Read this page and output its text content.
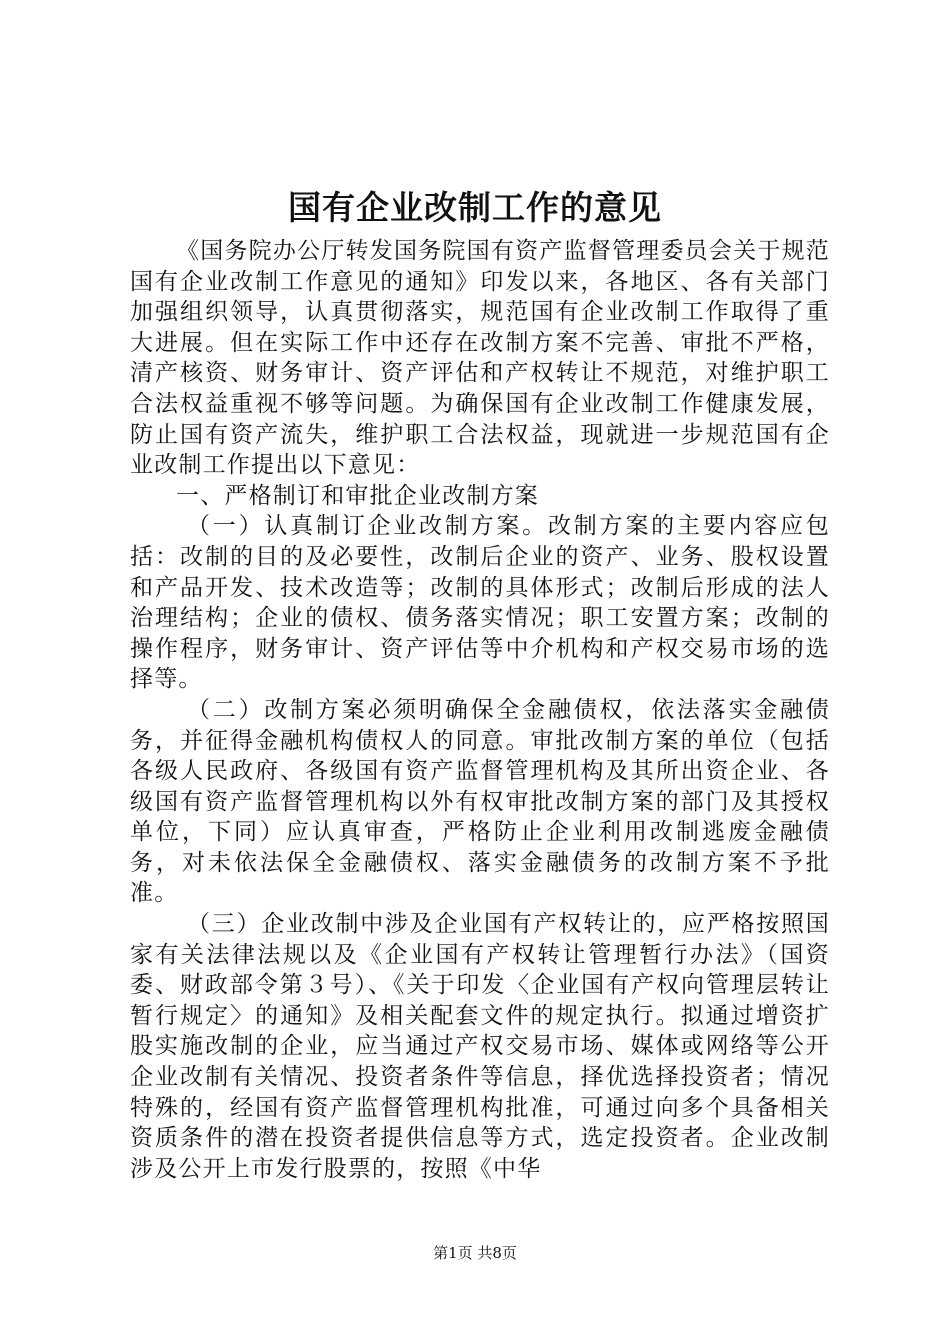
国有企业改制工作的意见

《国务院办公厅转发国务院国有资产监督管理委员会关于规范国有企业改制工作意见的通知》印发以来，各地区、各有关部门加强组织领导，认真贯彻落实，规范国有企业改制工作取得了重大进展。但在实际工作中还存在改制方案不完善、审批不严格，清产核资、财务审计、资产评估和产权转让不规范，对维护职工合法权益重视不够等问题。为确保国有企业改制工作健康发展，防止国有资产流失，维护职工合法权益，现就进一步规范国有企业改制工作提出以下意见：

一、严格制订和审批企业改制方案

（一）认真制订企业改制方案。改制方案的主要内容应包括：改制的目的及必要性，改制后企业的资产、业务、股权设置和产品开发、技术改造等；改制的具体形式；改制后形成的法人治理结构；企业的债权、债务落实情况；职工安置方案；改制的操作程序，财务审计、资产评估等中介机构和产权交易市场的选择等。

（二）改制方案必须明确保全金融债权，依法落实金融债务，并征得金融机构债权人的同意。审批改制方案的单位（包括各级人民政府、各级国有资产监督管理机构及其所出资企业、各级国有资产监督管理机构以外有权审批改制方案的部门及其授权单位，下同）应认真审查，严格防止企业利用改制逃废金融债务，对未依法保全金融债权、落实金融债务的改制方案不予批准。

（三）企业改制中涉及企业国有产权转让的，应严格按照国家有关法律法规以及《企业国有产权转让管理暂行办法》（国资委、财政部令第３号）、《关于印发〈企业国有产权向管理层转让暂行规定〉的通知》及相关配套文件的规定执行。拟通过增资扩股实施改制的企业，应当通过产权交易市场、媒体或网络等公开企业改制有关情况、投资者条件等信息，择优选择投资者；情况特殊的，经国有资产监督管理机构批准，可通过向多个具备相关资质条件的潜在投资者提供信息等方式，选定投资者。企业改制涉及公开上市发行股票的，按照《中华

第1页 共8页
